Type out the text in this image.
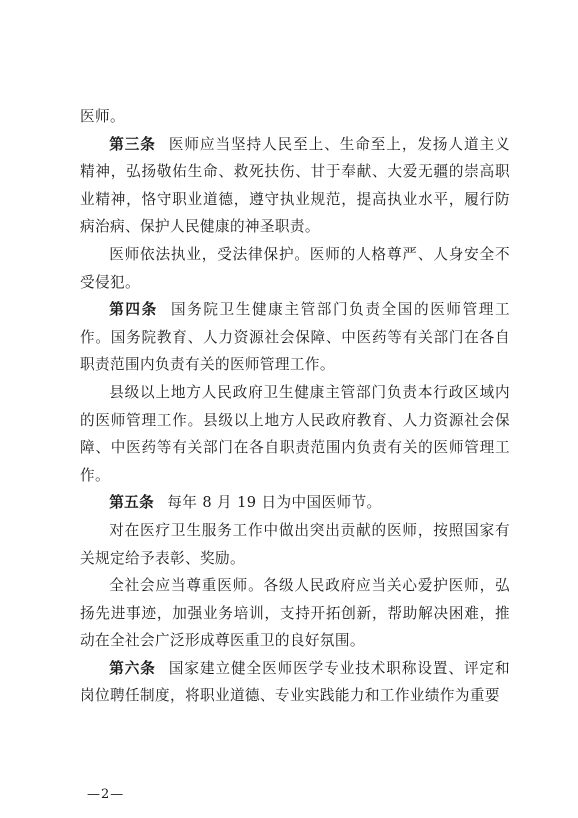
医师。

第三条 医师应当坚持人民至上、生命至上，发扬人道主义精神，弘扬敬佑生命、救死扶伤、甘于奉献、大爱无疆的崇高职业精神，恪守职业道德，遵守执业规范，提高执业水平，履行防病治病、保护人民健康的神圣职责。

医师依法执业，受法律保护。医师的人格尊严、人身安全不受侵犯。

第四条 国务院卫生健康主管部门负责全国的医师管理工作。国务院教育、人力资源社会保障、中医药等有关部门在各自职责范围内负责有关的医师管理工作。

县级以上地方人民政府卫生健康主管部门负责本行政区域内的医师管理工作。县级以上地方人民政府教育、人力资源社会保障、中医药等有关部门在各自职责范围内负责有关的医师管理工作。

第五条 每年 8 月 19 日为中国医师节。

对在医疗卫生服务工作中做出突出贡献的医师，按照国家有关规定给予表彰、奖励。

全社会应当尊重医师。各级人民政府应当关心爱护医师，弘扬先进事迹，加强业务培训，支持开拓创新，帮助解决困难，推动在全社会广泛形成尊医重卫的良好氛围。

第六条 国家建立健全医师医学专业技术职称设置、评定和岗位聘任制度，将职业道德、专业实践能力和工作业绩作为重要

—2—
